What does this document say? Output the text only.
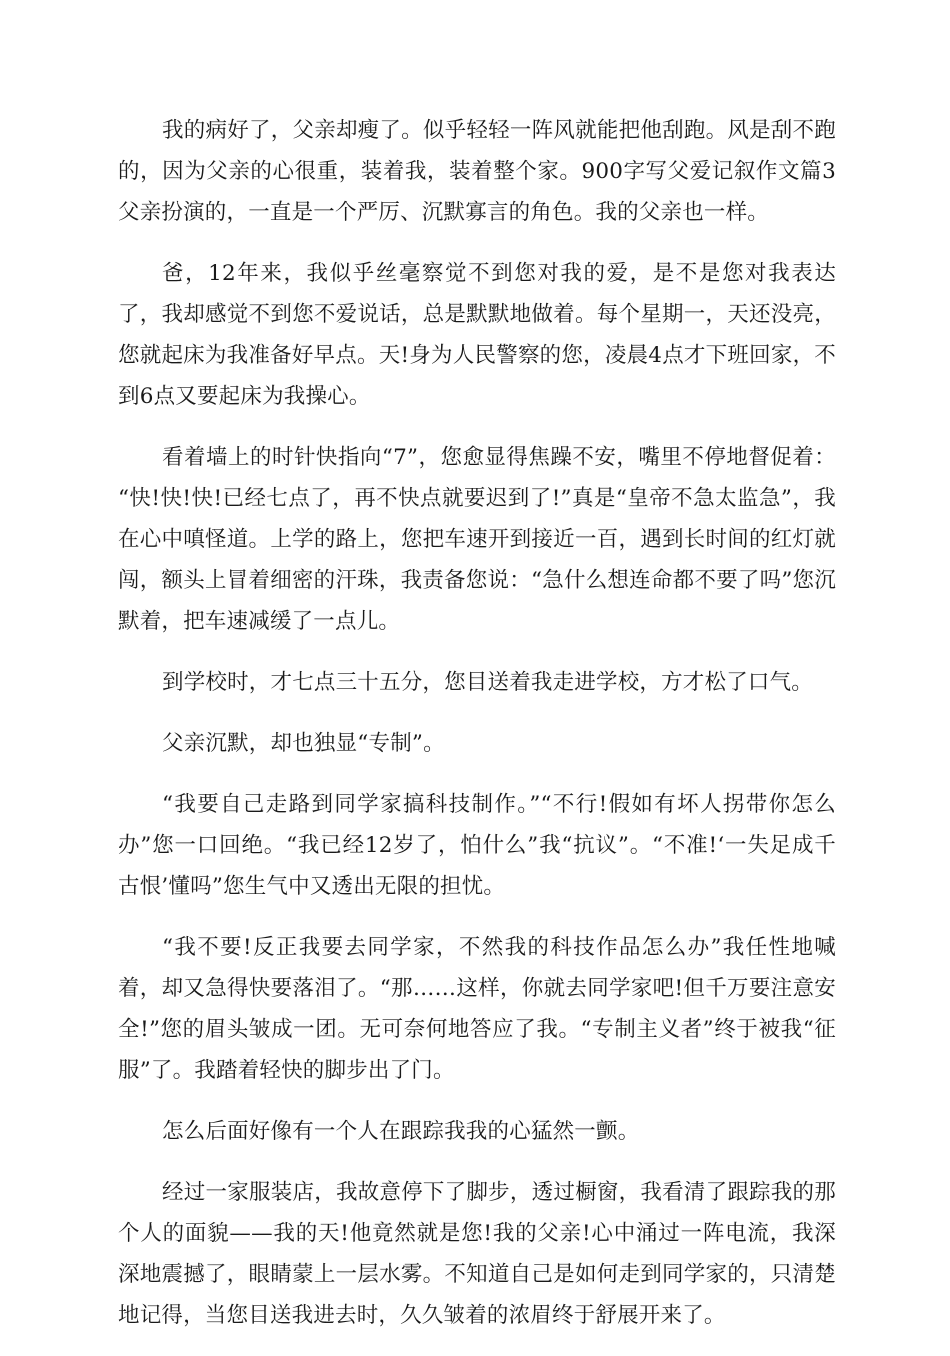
我的病好了，父亲却瘦了。似乎轻轻一阵风就能把他刮跑。风是刮不跑的，因为父亲的心很重，装着我，装着整个家。900字写父爱记叙作文篇3父亲扮演的，一直是一个严厉、沉默寡言的角色。我的父亲也一样。

爸，12年来，我似乎丝毫察觉不到您对我的爱，是不是您对我表达了，我却感觉不到您不爱说话，总是默默地做着。每个星期一，天还没亮，您就起床为我准备好早点。天!身为人民警察的您，凌晨4点才下班回家，不到6点又要起床为我操心。

看着墙上的时针快指向“7”，您愈显得焦躁不安，嘴里不停地督促着： “快!快!快!已经七点了，再不快点就要迟到了!”真是“皇帝不急太监急”，我在心中嗔怪道。上学的路上，您把车速开到接近一百，遇到长时间的红灯就闯，额头上冒着细密的汗珠，我责备您说：“急什么想连命都不要了吗”您沉默着，把车速减缓了一点儿。

到学校时，才七点三十五分，您目送着我走进学校，方才松了口气。

父亲沉默，却也独显“专制”。

“我要自己走路到同学家搞科技制作。”“不行!假如有坏人拐带你怎么办”您一口回绝。“我已经12岁了，怕什么”我“抗议”。“不准!‘一失足成千古恨’懂吗”您生气中又透出无限的担忧。

“我不要!反正我要去同学家，不然我的科技作品怎么办”我任性地喊着，却又急得快要落泪了。“那……这样，你就去同学家吧!但千万要注意安全!”您的眉头皱成一团。无可奈何地答应了我。“专制主义者”终于被我“征服”了。我踏着轻快的脚步出了门。

怎么后面好像有一个人在跟踪我我的心猛然一颤。

经过一家服装店，我故意停下了脚步，透过橱窗，我看清了跟踪我的那个人的面貌——我的天!他竟然就是您!我的父亲!心中涌过一阵电流，我深深地震撼了，眼睛蒙上一层水雾。不知道自己是如何走到同学家的，只清楚地记得，当您目送我进去时，久久皱着的浓眉终于舒展开来了。
